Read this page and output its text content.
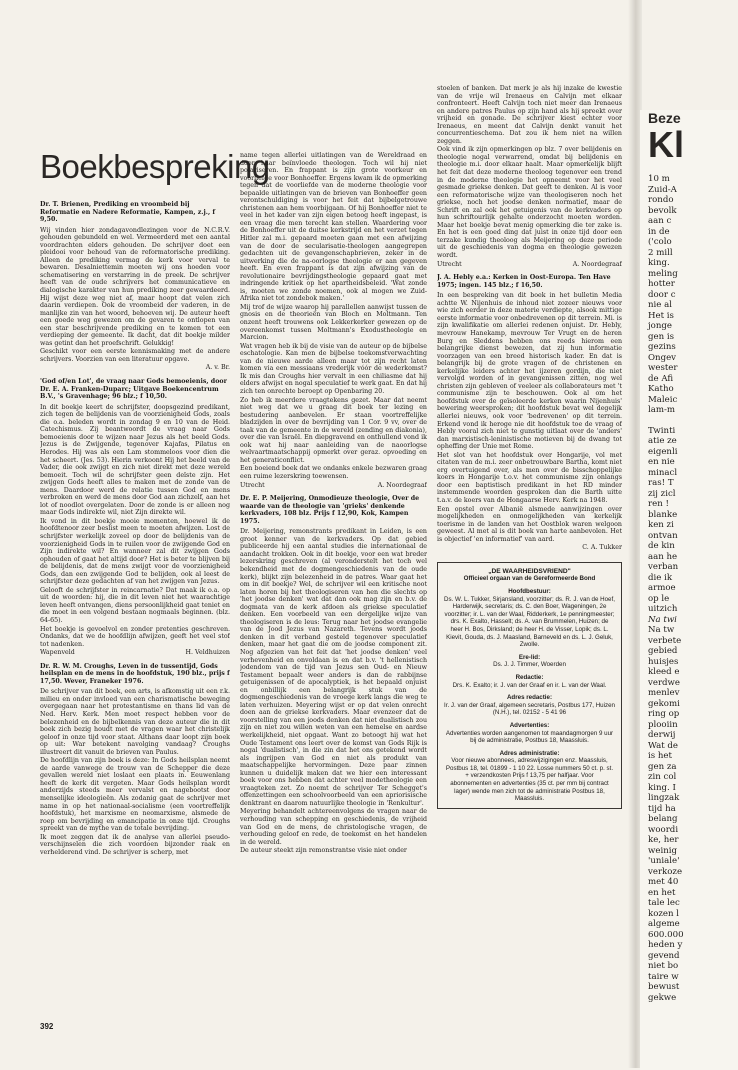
Boekbespreking

Dr. T. Brienen, Prediking en vroombeid bij Reformatie en Nadere Reformatie, Kampen, z.j., f 9,50.

Wij vinden hier zondagavondlezingen voor de N.C.R.V. gehouden gebundeld en wel. Vermeerderd met een aantal voordrachten elders gehouden. De schrijver doet een pleidooi voor behoud van de reformatorische prediking. Alleen de prediking vermag de kerk voor verval te bewaren. Desalniettemin moeten wij ons hoeden voor schematisering en verstarring in de preek. De schrijver heeft van de oude schrijvers het communicatieve en dialogische karakter van hun prediking zeer gewaardeerd. Hij wijst deze weg niet af, maar hoopt dat velen zich daarin verdiepen. Ook de vroombeid der vaderen, in de manlijke zin van het woord, behoeven wij. De auteur heeft een goede weg gewezen om de gevaren te ontlopen van een star beschrijvende prediking en te komen tot een verdieping der gemeente. Ik dacht, dat dit boekje milder was getint dan het proefschrift. Gelukkig!

Geschikt voor een eerste kennismaking met de andere schrijvers. Voorzien van een literatuur opgave.

A. v. Br.

'God of/en Lot', de vraag naar Gods bemoeienis, door Dr. E. A. Franken-Duparc; Uitgave Boekencentrum B.V., 's Gravenhage; 96 blz.; f 10,50.

In dit boekje keert de schrijfster, doopsgezind predikant, zich tegen de belijdenis van de voorzienigheid Gods, zoals die o.a. beleden wordt in zondag 9 en 10 van de Heid. Catechismus. Zij beantwoordt de vraag naar Gods bemoeienis door te wijzen naar Jezus als het beeld Gods. Jezus is de Zwijgende, tegenover Kajafas, Pilatus en Herodes. Hij was als een Lam stommeloos voor dien die het scheert. (Jes. 53). Hierin verkoont Hij het beeld van de Vader, die ook zwijgt en zich niet direkt met deze wereld bemoeit. Toch wil de schrijfster geen deïste zijn. Het zwijgen Gods heeft alles te maken met de zonde van de mens. Daardoor werd de relatie tussen God en mens verbroken en werd de mens door God aan zichzelf, aan het lot of noodlot overgelaten. Door de zonde is er alleen nog maar Gods indirekte wil, niet Zijn direkte wil.

Ik vond in dit boekje mooie momenten, hoewel ik de hoofdtenoor zeer beslist meen te moeten afwijzen. Lost de schrijfster werkelijk zoveel op door de belijdenis van de voorzienigheid Gods in te ruilen voor de zwijgende God en Zijn indirekte wil? En wanneer zal dit zwijgen Gods ophouden of gaat het altijd door? Het is beter te blijven bij de belijdenis, dat de mens zwijgt voor de voorzienigheid Gods, dan een zwijgende God te belijden, ook al leest de schrijfster deze gedachten af van het zwijgen van Jezus.

Gelooft de schrijfster in reincarnatie? Dat maak ik o.a. op uit de woorden: hij, die in dit leven niet het waarachtige leven heeft ontvangen, diens persoonlijkheid gaat teniet en die moet in een volgend bestaan nogmaals beginnen. (blz. 64-65).

Het boekje is gevoelvol en zonder pretenties geschreven. Ondanks, dat we de hoofdlijn afwijzen, geeft het veel stof tot nadenken.

Wapenveld	H. Veldhuizen

Dr. R. W. M. Croughs, Leven in de tussentijd, Gods heilsplan en de mens in de hoofdstuk, 190 blz., prijs f 17,50. Wever, Franeker 1976.

De schrijver van dit boek, een arts, is afkomstig uit een r.k. milieu en onder invloed van een charismatische beweging overgegaan naar het protestantisme en thans lid van de Ned. Herv. Kerk. Men moet respect hebben voor de belezenheid en de bijbelkennis van deze auteur die in dit boek zich bezig houdt met de vragen waar het christelijk geloof in onze tijd voor staat. Althans daar loopt zijn boek op uit: War betekent navolging vandaag? Croughs illustreert dit vanuit de brieven van Paulus.

De hoofdlijn van zijn boek is deze: In Gods heilsplan neemt de aarde vanwege de trouw van de Schepper die deze gevallen wereld niet loslaat een plaats in. Eeuwenlang heeft de kerk dit vergeten. Maar Gods heilsplan wordt anderzijds steeds meer vervalst en nagebootst door menselijke ideologieën. Als zodanig gaat de schrijver met name in op het nationaal-socialisme (een voortreffelijk hoofdstuk), het marxisme en neomarxisme, alsmede de roep om bevrijding en emancipatie in onze tijd. Croughs spreekt van de mythe van de totale bevrijding.

Ik moet zeggen dat ik de analyse van allerlei pseudo-verschijnselen die zich voordoen bijzonder raak en verhelderend vind. De schrijver is scherp, met

name tegen allerlei uitlatingen van de Wereldraad en door haar beïnvloede theologen. Toch wil hij niet polariseren. En frappant is zijn grote voorkeur en voorliefde voor Bonhoeffer. Ergens kwam ik de opmerking tegen dat de voorliefde van de moderne theologie voor bepaalde uitlatingen van de brieven van Bonhoeffer geen verontschuldiging is voor het feit dat bijbelgetrouwe christenen aan hem voorbijgaan. Of hij Bonhoeffer niet te veel in het kader van zijn eigen betoog heeft ingepast, is een vraag die men terecht kan stellen. Waardering voor de Bonhoeffer uit de duitse kerkstrijd en het verzet tegen Hitler zal m.i. gepaard moeten gaan met een afwijzing van de door de secularisatie-theologen aangegrepen gedachten uit de gevangenschapbrieven, zeker in de uitwerking die de na-oorlogse theologie er aan gegeven heeft. En even frappant is dat zijn afwijzing van de revolutionaire bevrijdingstheologie gepaard gaat met indringende kritiek op het apartheidsbeleid. 'Wat zonde is, moeten we zonde noemen, ook al mogen we Zuid-Afrika niet tot zondebok maken.'

Mij trof de wijze waarop hij parallellen aanwijst tussen de gnosis en de theorieën van Bloch en Moltmann. Ten onzent heeft trouwens ook Lekkerkerker gewezen op de overeenkomst tussen Moltmann's Exodustheologie en Marcion.

Wat vragen heb ik bij de visie van de auteur op de bijbelse eschatologie. Kan men de bijbelse toekomstverwachting van de nieuwe aarde alleen maar tot zijn recht laten komen via een messiaans vrederijk vóór de wederkomst? Ik mis dan Croughs hier vervalt in een chiliasme dat hij elders afwijst en nogal speculatief te werk gaat. En dat hij zich ten onrechte beroept op Openbaring 20.

Zo heb ik meerdere vraagtekens gezet. Maar dat neemt niet weg dat we u graag dit boek ter lezing en bestudering aanbevelen. Er staan voortreffelijke bladzijden in over de bevrijding van 1 Cor. 9 vv, over de taak van de gemeente in de wereld (zending en diakonia), over die van Israël. En diepgravend en onthullend vond ik ook wat hij naar aanleiding van de naoorlogse welvaartmaatschappij opmerkt over geraz. opvoeding en het generaticonflict.

Een boeiend boek dat we ondanks enkele bezwaren graag een ruime lezerskring toewensen.

Utrecht	A. Noordegraaf

Dr. E. P. Meijering, Onmodieuze theologie, Over de waarde van de theologie van 'grieks' denkende kerkvaders, 108 blz. Prijs f 12,90, Kok, Kampen 1975.

Dr. Meijering, remonstrants predikant in Leiden, is een groot kenner van de kerkvaders. Op dat gebied publiceerde hij een aantal studies die internationaal de aandacht trokken. Ook in dit boekje, voor een wat breder lezerskring geschreven (al veronderstelt het toch wel bekendheid met de dogmengeschiedenis van de oude kerk), blijkt zijn belezenheid in de patres. Waar gaat het om in dit boekje? Wel, de schrijver wil een kritische noot laten horen bij het theologiseren van hen die slechts op 'het joodse denken' wat dat dan ook mag zijn en b.v. de dogmata van de kerk afdoen als griekse speculatief denken. Een voorbeeld van een dergelijke wijze van theologiseren is de leus: Terug naar het joodse evangelie van de Jood Jezus van Nazareth. Tevens wordt joods denken in dit verband gesteld tegenover speculatief denken, maar het gaat die om de joodse component zit. Nog afgezien van het feit dat 'het joodse denken' veel verhevenheid en onvoldaan is en dat b.v. 't hellenistisch jodendom van de tijd van Jezus sen Oud- en Nieuw Testament bepaalt weer anders is dan de rabbijnse getuigenissen of de apocalyptiek, is het bepaald onjuist en onbillijk een belangrijk stuk van de dogmengeschiedenis van de vroege kerk langs die weg te laten verhuizen. Meyering wijst er op dat velen onrecht doen aan de griekse kerkvaders. Maar evenzeer dat de voorstelling van een joods denken dat niet dualistisch zou zijn en niet zou willen weten van een hemelse en aardse werkelijkheid, niet opgaat. Want zo betoogt hij wat het Oude Testament ons leert over de komst van Gods Rijk is nogal 'dualistisch', in die zin dat het ons getekend wordt als ingrijpen van God en niet als produkt van maatschappelijke hervormingen. Deze paar zinnen kunnen u duidelijk maken dat we hier een interessant boek voor ons hebben dat achter veel modetheologie een vraagteken zet. Zo noemt de schrijver Ter Schegget's offenzettingen een schoolvoorbeeld van een apriorisische denktrant en daarom natuurlijke theologie in 'Renkultur'.

Meyering behandelt achtereenvolgens de vragen naar de verhouding van schepping en geschiedenis, de vrijheid van God en de mens, de christologische vragen, de verhouding geloof en rede, de toekomst en het handelen in de wereld.

De auteur steekt zijn remonstrantse visie niet onder

stoelen of banken. Dat merk je als hij inzake de kwestie van de vrije wil Irenaeus en Calvijn met elkaar confronteert. Heeft Calvijn toch niet meer dan Irenaeus en andere patres Paulus op zijn hand als hij spreekt over vrijheid en gonade. De schrijver kiest echter voor Irenaeus, en meent dat Calvijn denkt vanuit het concurrentieschema. Dat zou ik hem niet na willen zeggen.

Ook vind ik zijn opmerkingen op blz. 7 over belijdenis en theologie nogal verwarrend, omdat bij belijdenis en theologie m.i. door elkaar haalt. Maar opmerkelijk blijft het feit dat deze moderne theoloog tegenover een trend in de moderne theologie het opneemt voor het veel gesmade griekse denken. Dat geeft te denken. Al is voor een reformatorische wijze van theologiseren noch het griekse, noch het joodse denken normatief, maar de Schrift en zal ook het getuigenis van de kerkvaders op hun schriftourlijk gehalte onderzocht moeten worden. Maar het boekje bevat menig opmerking die ter zake is. En het is een goed ding dat juist in onze tijd door een terzake kundig theoloog als Meijering op deze periode uit de geschiedenis van dogma en theologie gewezen wordt.

Utrecht	A. Noordegraaf

J. A. Hebly e.a.: Kerken in Oost-Europa. Ten Have 1975; ingen. 145 blz.; f 16,50.

In een bespreking van dit boek in het bulletin Media achtte W. Nijenhuis de inhoud niet zozeer nieuws voor wie zich eerder in deze materie verdiepte, alsook mittige eerste informatie voor onbedrevenen op dit terrein. Mi. is zijn kwalifikatie om allerlei redenen onjuist. Dr. Hebly, mevrouw Hanekamp, mevrouw Ter Vrugt en de heren Burg en Sleddens hebben ons reeds hierom een belangrijke dienst bewezen, dat zij hun informatie voorzagen van een breed historisch kader. En dat is belangrijk bij de grote vragen of de christenen en kerkelijke leiders achter het ijzeren gordijn, die niet vervolgd worden of in gevangenissen zitten, nog wel christen zijn gebleven of veeleer als collaborateurs met 't communisme zijn te beschouwen. Ook al om het hoofdstuk over de geïsoleerde kerken waarin Nijenhuis' bewering weersproken; dit hoofdstuk bevat wel degelijk allerlei nieuws, ook voor 'bedrevenen' op dit terrein. Erkend vond ik heroge nie dit hoofdstuk toe de vraag of Hebly vooral zich niet te gunstig uitlaat over de 'anders' dan marxistisch-leninistische motieven bij de dwang tot opheffing der Unie met Rome.

Het slot van het hoofdstuk over Hongarije, vol met citaten van de m.i. zeer onbetrouwbare Bartha, komt niet erg overtuigend over, als men over de bisschoppelijke koers in Hongarije t.o.v. het communisme zijn onlangs door een baptistisch predikant in het RD minder instemmende woorden gesproken dan die Barth uitte t.a.v. de koers van de Hongaarse Herv. Kerk na 1948.

Een opstel over Albanië alsmede aanwijzingen over mogelijkheden en onmogelijkheden van kerkelijk toerisme in de landen van het Oostblok waren welgoon geweest. Al met al is dit boek van harte aanbevolen. Het is objectief 'en informatief' van aard.

C. A. Tukker

„DE WAARHEIDSVRIEND"

Officieel orgaan van de Gereformeerde Bond

Hoofdbestuur:

Ds. W. L. Tukker, Sirjansland, voorzitter; ds. R. J. van de Hoef, Harderwijk, secretaris; ds. C. den Boer, Wageningen, 2e voorzitter; ir. L. van der Waal, Ridderkerk, 1e penningmeester; drs. K. Exalto, Hasselt; ds. A. van Brummelen, Huizen; de heer H. Bos, Dirksland; de heer H. de Visser, Lopik; ds. L. Kievit, Gouda, ds. J. Maasland, Barneveld en ds. L. J. Geluk, Zwolle.

Ere-lid:

Ds. J. J. Timmer, Woerden

Redactie:

Drs. K. Exalto; ir. J. van der Graaf en ir. L. van der Waal.

Adres redactie:

Ir. J. van der Graaf, algemeen secretaris, Postbus 177, Huizen (N.H.), tel. 02152 - 5 41 96

Advertenties:

Advertenties worden aangenomen tot maandagmorgen 9 uur bij de administratie, Postbus 18, Maassluis.

Adres administratie:

Voor nieuwe abonnees, adreswijzigingen enz. Maassluis, Postbus 18, tel. 01899 - 1 10 22. Losse nummers 50 ct. p. st. + verzendkosten Prijs f 13,75 per halfjaar. Voor abonnementen en advertenties (35 ct. per mm bij contract lager) wende men zich tot de administratie Postbus 18, Maassluis.

392
Beze
Kl
10 m
Zuid-A
rondo
bevolk
aan c
in de
('colo
2 mill
king.
meling
hotter
door c
nie al
Het is
jonge
gen is
gezins
Ongev
wester
de Afi
Katho
Maleic
lam-m
Twinti
atie ze
eigenli
en nie
minacl
ras! T
zij zicl
ren !
blanke
ken zi
ontvan
de kin
aan he
verban
die ik
armoe
op le
uitzich
Na twi
Na tw
verbete
gebied
huisjes
kleed e
verdwe
menlev
gekomi
ring op
plooiin
derwij
Wat de
is het
gen za
zin col
king. I
lingzak
tijd ha
belang
woordi
ke, her
weinig
'uniale'
verkoze
met 40
en het
tale lec
kozen l
algeme
600.000
heden y
gevend
niet bo
taire w
bewust
gekwe
